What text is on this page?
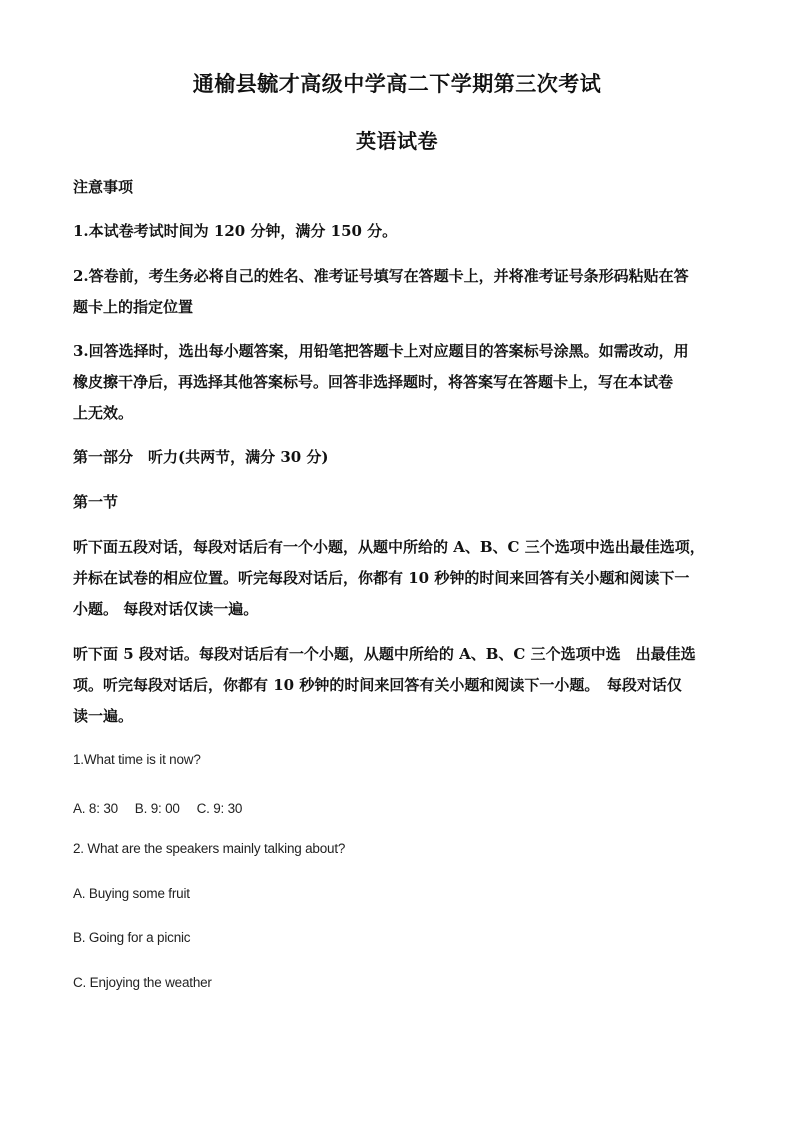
通榆县毓才高级中学高二下学期第三次考试
英语试卷
注意事项
1.本试卷考试时间为 120 分钟，满分 150 分。
2.答卷前，考生务必将自己的姓名、准考证号填写在答题卡上，并将准考证号条形码粘贴在答
题卡上的指定位置
3.回答选择时，选出每小题答案，用铅笔把答题卡上对应题目的答案标号涂黑。如需改动，用
橡皮擦干净后，再选择其他答案标号。回答非选择题时，将答案写在答题卡上，写在本试卷
上无效。
第一部分　听力(共两节，满分 30 分)
第一节
听下面五段对话，每段对话后有一个小题，从题中所给的 A、B、C 三个选项中选出最佳选项，
并标在试卷的相应位置。听完每段对话后，你都有 10 秒钟的时间来回答有关小题和阅读下一
小题。 每段对话仅读一遍。
听下面 5 段对话。每段对话后有一个小题，从题中所给的 A、B、C 三个选项中选　出最佳选
项。听完每段对话后，你都有 10 秒钟的时间来回答有关小题和阅读下一小题。　每段对话仅
读一遍。
1.What time is it now?
A. 8: 30　 B. 9: 00　 C. 9: 30
2. What are the speakers mainly talking about?
A. Buying some fruit
B. Going for a picnic
C. Enjoying the weather
